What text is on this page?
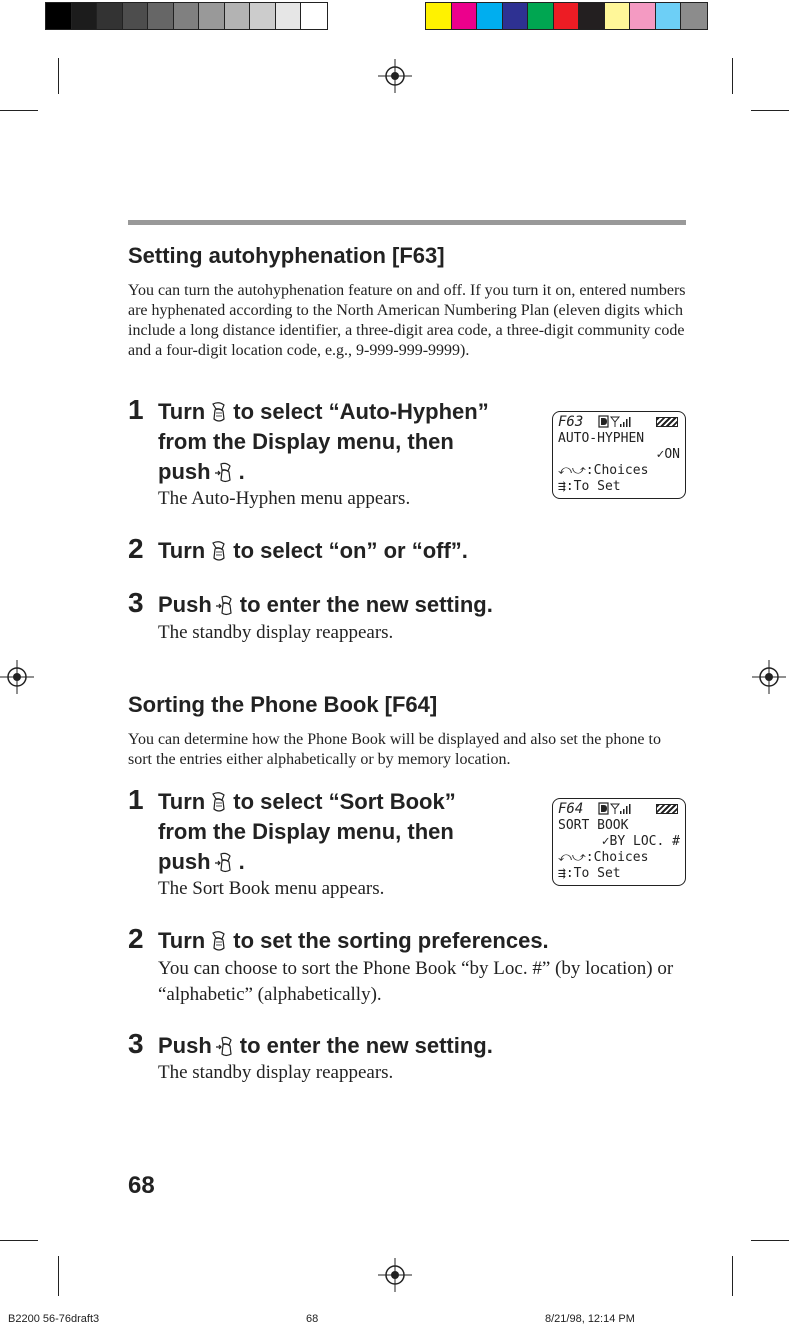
Setting autohyphenation [F63]
You can turn the autohyphenation feature on and off. If you turn it on, entered numbers are hyphenated according to the North American Numbering Plan (eleven digits which include a long distance identifier, a three-digit area code, a three-digit community code and a four-digit location code, e.g., 9-999-999-9999).
1 Turn to select “Auto-Hyphen”
from the Display menu, then
push .
The Auto-Hyphen menu appears.
F63
AUTO-HYPHEN
✓ON
⤺⤻:Choices
⇶:To Set
2 Turn to select “on” or “off”.
3 Push to enter the new setting.
The standby display reappears.
Sorting the Phone Book [F64]
You can determine how the Phone Book will be displayed and also set the phone to sort the entries either alphabetically or by memory location.
1 Turn to select “Sort Book”
from the Display menu, then
push .
The Sort Book menu appears.
F64
SORT BOOK
✓BY LOC. #
⤺⤻:Choices
⇶:To Set
2 Turn to set the sorting preferences.
You can choose to sort the Phone Book “by Loc. #” (by location) or “alphabetic” (alphabetically).
3 Push to enter the new setting.
The standby display reappears.
68
B2200 56-76draft3	68	8/21/98, 12:14 PM
